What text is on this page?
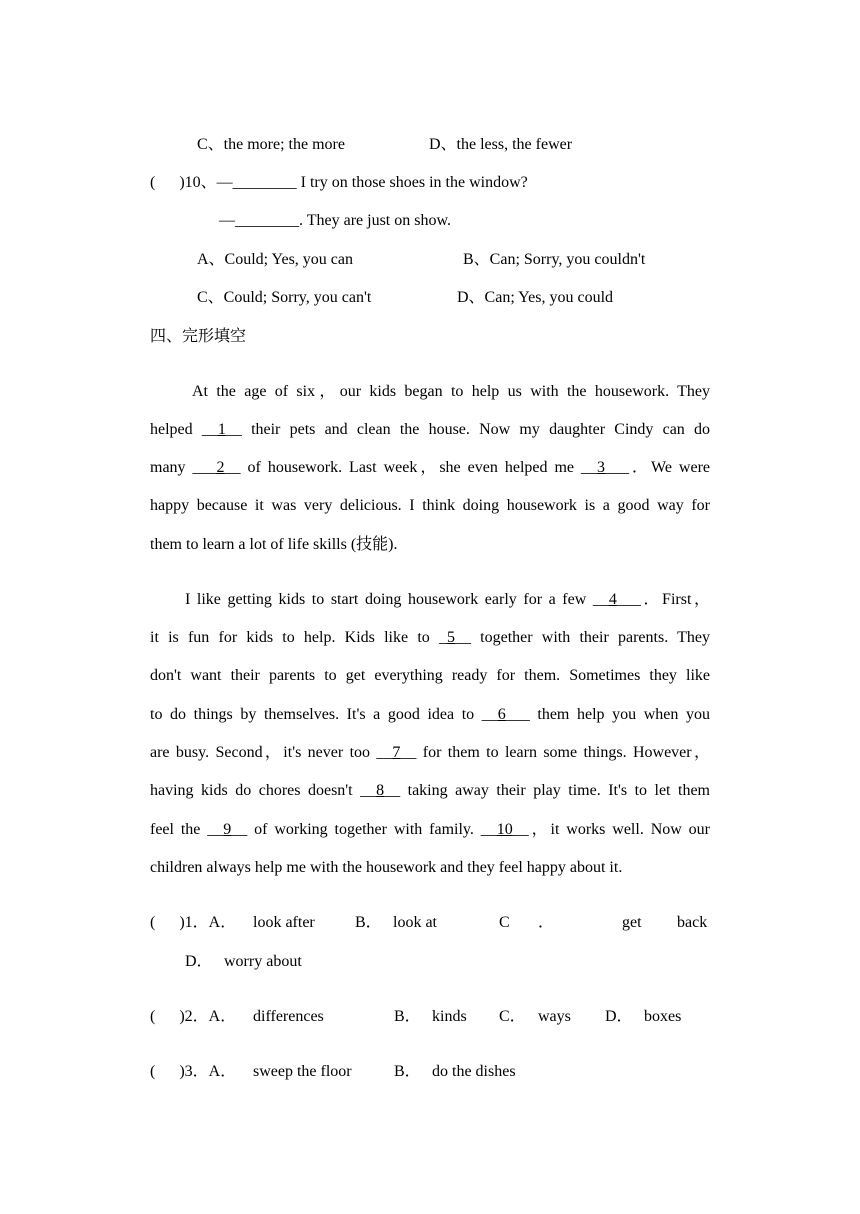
C、the more; the more	D、the less, the fewer
(      )10、—________ I try on those shoes in the window?
—________. They are just on show.
A、Could; Yes, you can	B、Can; Sorry, you couldn't
C、Could; Sorry, you can't	D、Can; Yes, you could
四、完形填空
At the age of six，our kids began to help us with the housework. They
helped __1__ their pets and clean the house. Now my daughter Cindy can do
many ___2__ of housework. Last week，she even helped me __3___．We were
happy because it was very delicious. I think doing housework is a good way for
them to learn a lot of life skills (技能).
I like getting kids to start doing housework early for a few __4___．First，
it is fun for kids to help. Kids like to _5__ together with their parents. They
don't want their parents to get everything ready for them. Sometimes they like
to do things by themselves. It's a good idea to __6___ them help you when you
are busy. Second，it's never too __7__ for them to learn some things. However，
having kids do chores doesn't __8__ taking away their play time. It's to let them
feel the __9__ of working together with family. __10__，it works well. Now our
children always help me with the housework and they feel happy about it.
(      )1．A． look after	B． look at	C ．	get back
D． worry about
(      )2．A． differences	B． kinds C． ways D． boxes
(      )3．A． sweep the floor	B． do the dishes
